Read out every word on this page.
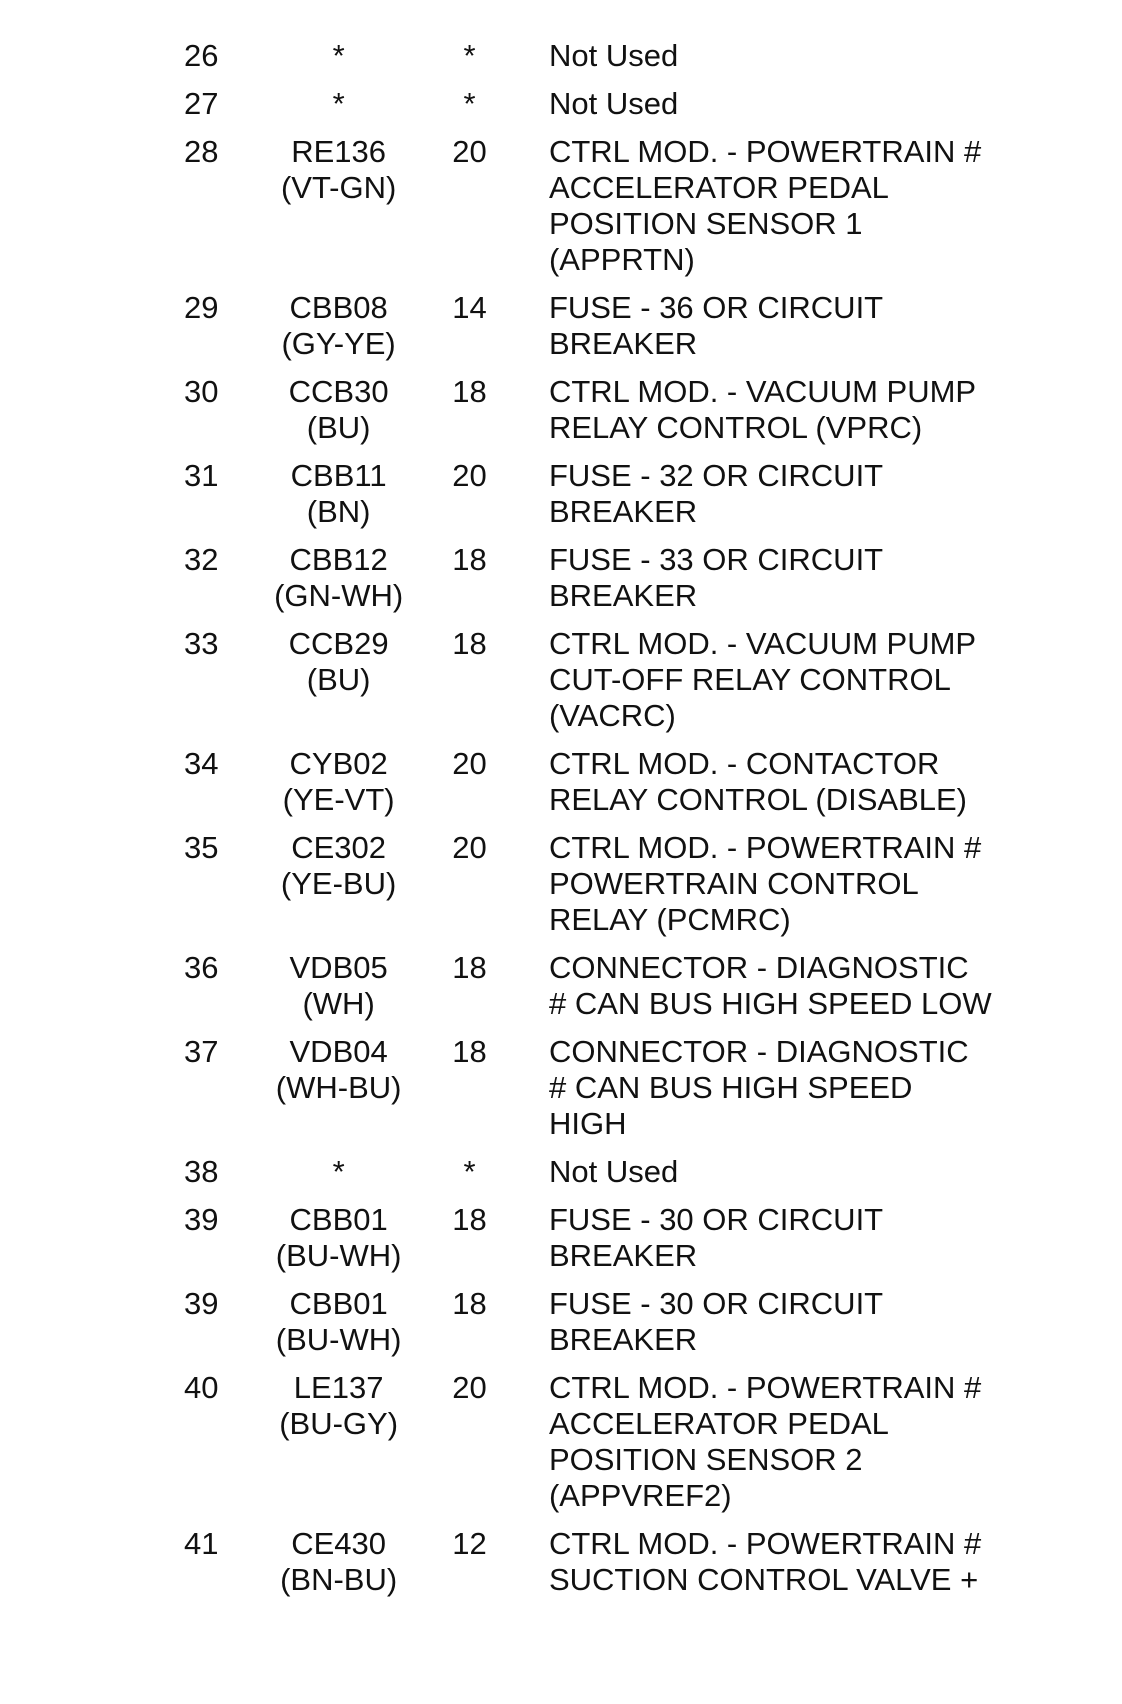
26	*	*	Not Used

27	*	*	Not Used

28	RE136
(VT-GN)	20	CTRL MOD. - POWERTRAIN #
ACCELERATOR PEDAL
POSITION SENSOR 1
(APPRTN)

29	CBB08
(GY-YE)	14	FUSE - 36 OR CIRCUIT
BREAKER

30	CCB30
(BU)	18	CTRL MOD. - VACUUM PUMP
RELAY CONTROL (VPRC)

31	CBB11
(BN)	20	FUSE - 32 OR CIRCUIT
BREAKER

32	CBB12
(GN-WH)	18	FUSE - 33 OR CIRCUIT
BREAKER

33	CCB29
(BU)	18	CTRL MOD. - VACUUM PUMP
CUT-OFF RELAY CONTROL
(VACRC)

34	CYB02
(YE-VT)	20	CTRL MOD. - CONTACTOR
RELAY CONTROL (DISABLE)

35	CE302
(YE-BU)	20	CTRL MOD. - POWERTRAIN #
POWERTRAIN CONTROL
RELAY (PCMRC)

36	VDB05
(WH)	18	CONNECTOR - DIAGNOSTIC
# CAN BUS HIGH SPEED LOW

37	VDB04
(WH-BU)	18	CONNECTOR - DIAGNOSTIC
# CAN BUS HIGH SPEED
HIGH

38	*	*	Not Used

39	CBB01
(BU-WH)	18	FUSE - 30 OR CIRCUIT
BREAKER

39	CBB01
(BU-WH)	18	FUSE - 30 OR CIRCUIT
BREAKER

40	LE137
(BU-GY)	20	CTRL MOD. - POWERTRAIN #
ACCELERATOR PEDAL
POSITION SENSOR 2
(APPVREF2)

41	CE430
(BN-BU)	12	CTRL MOD. - POWERTRAIN #
SUCTION CONTROL VALVE +
